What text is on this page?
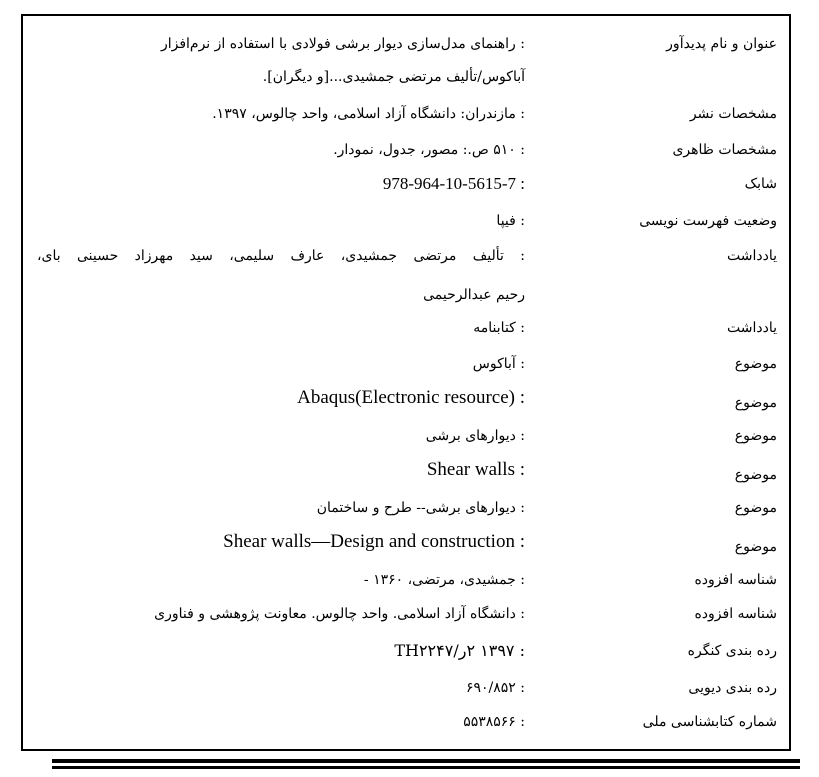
عنوان و نام پدیدآور
: راهنمای مدل‌سازی دیوار برشی فولادی با استفاده از نرم‌افزار
آباکوس/تألیف مرتضی جمشیدی...[و دیگران].
مشخصات نشر
: مازندران: دانشگاه آزاد اسلامی، واحد چالوس، ۱۳۹۷.
مشخصات ظاهری
: ۵۱۰ ص.: مصور، جدول، نمودار.
شابک
: 978-964-10-5615-7
وضعیت فهرست نویسی
: فیپا
یادداشت
: تألیف مرتضی جمشیدی، عارف سلیمی، سید مهرزاد حسینی بای،
رحیم عبدالرحیمی
یادداشت
: کتابنامه
موضوع
: آباکوس
موضوع
Abaqus(Electronic resource) :
موضوع
: دیوارهای برشی
موضوع
Shear walls :
موضوع
: دیوارهای برشی-- طرح و ساختمان
موضوع
Shear walls—Design and construction :
شناسه افزوده
: جمشیدی، مرتضی، ۱۳۶۰ -
شناسه افزوده
: دانشگاه آزاد اسلامی. واحد چالوس. معاونت پژوهشی و فناوری
رده بندی کنگره
: ۱۳۹۷ ۲ر/TH۲۲۴۷
رده بندی دیویی
: ۶۹۰/۸۵۲
شماره کتابشناسی ملی
: ۵۵۳۸۵۶۶
